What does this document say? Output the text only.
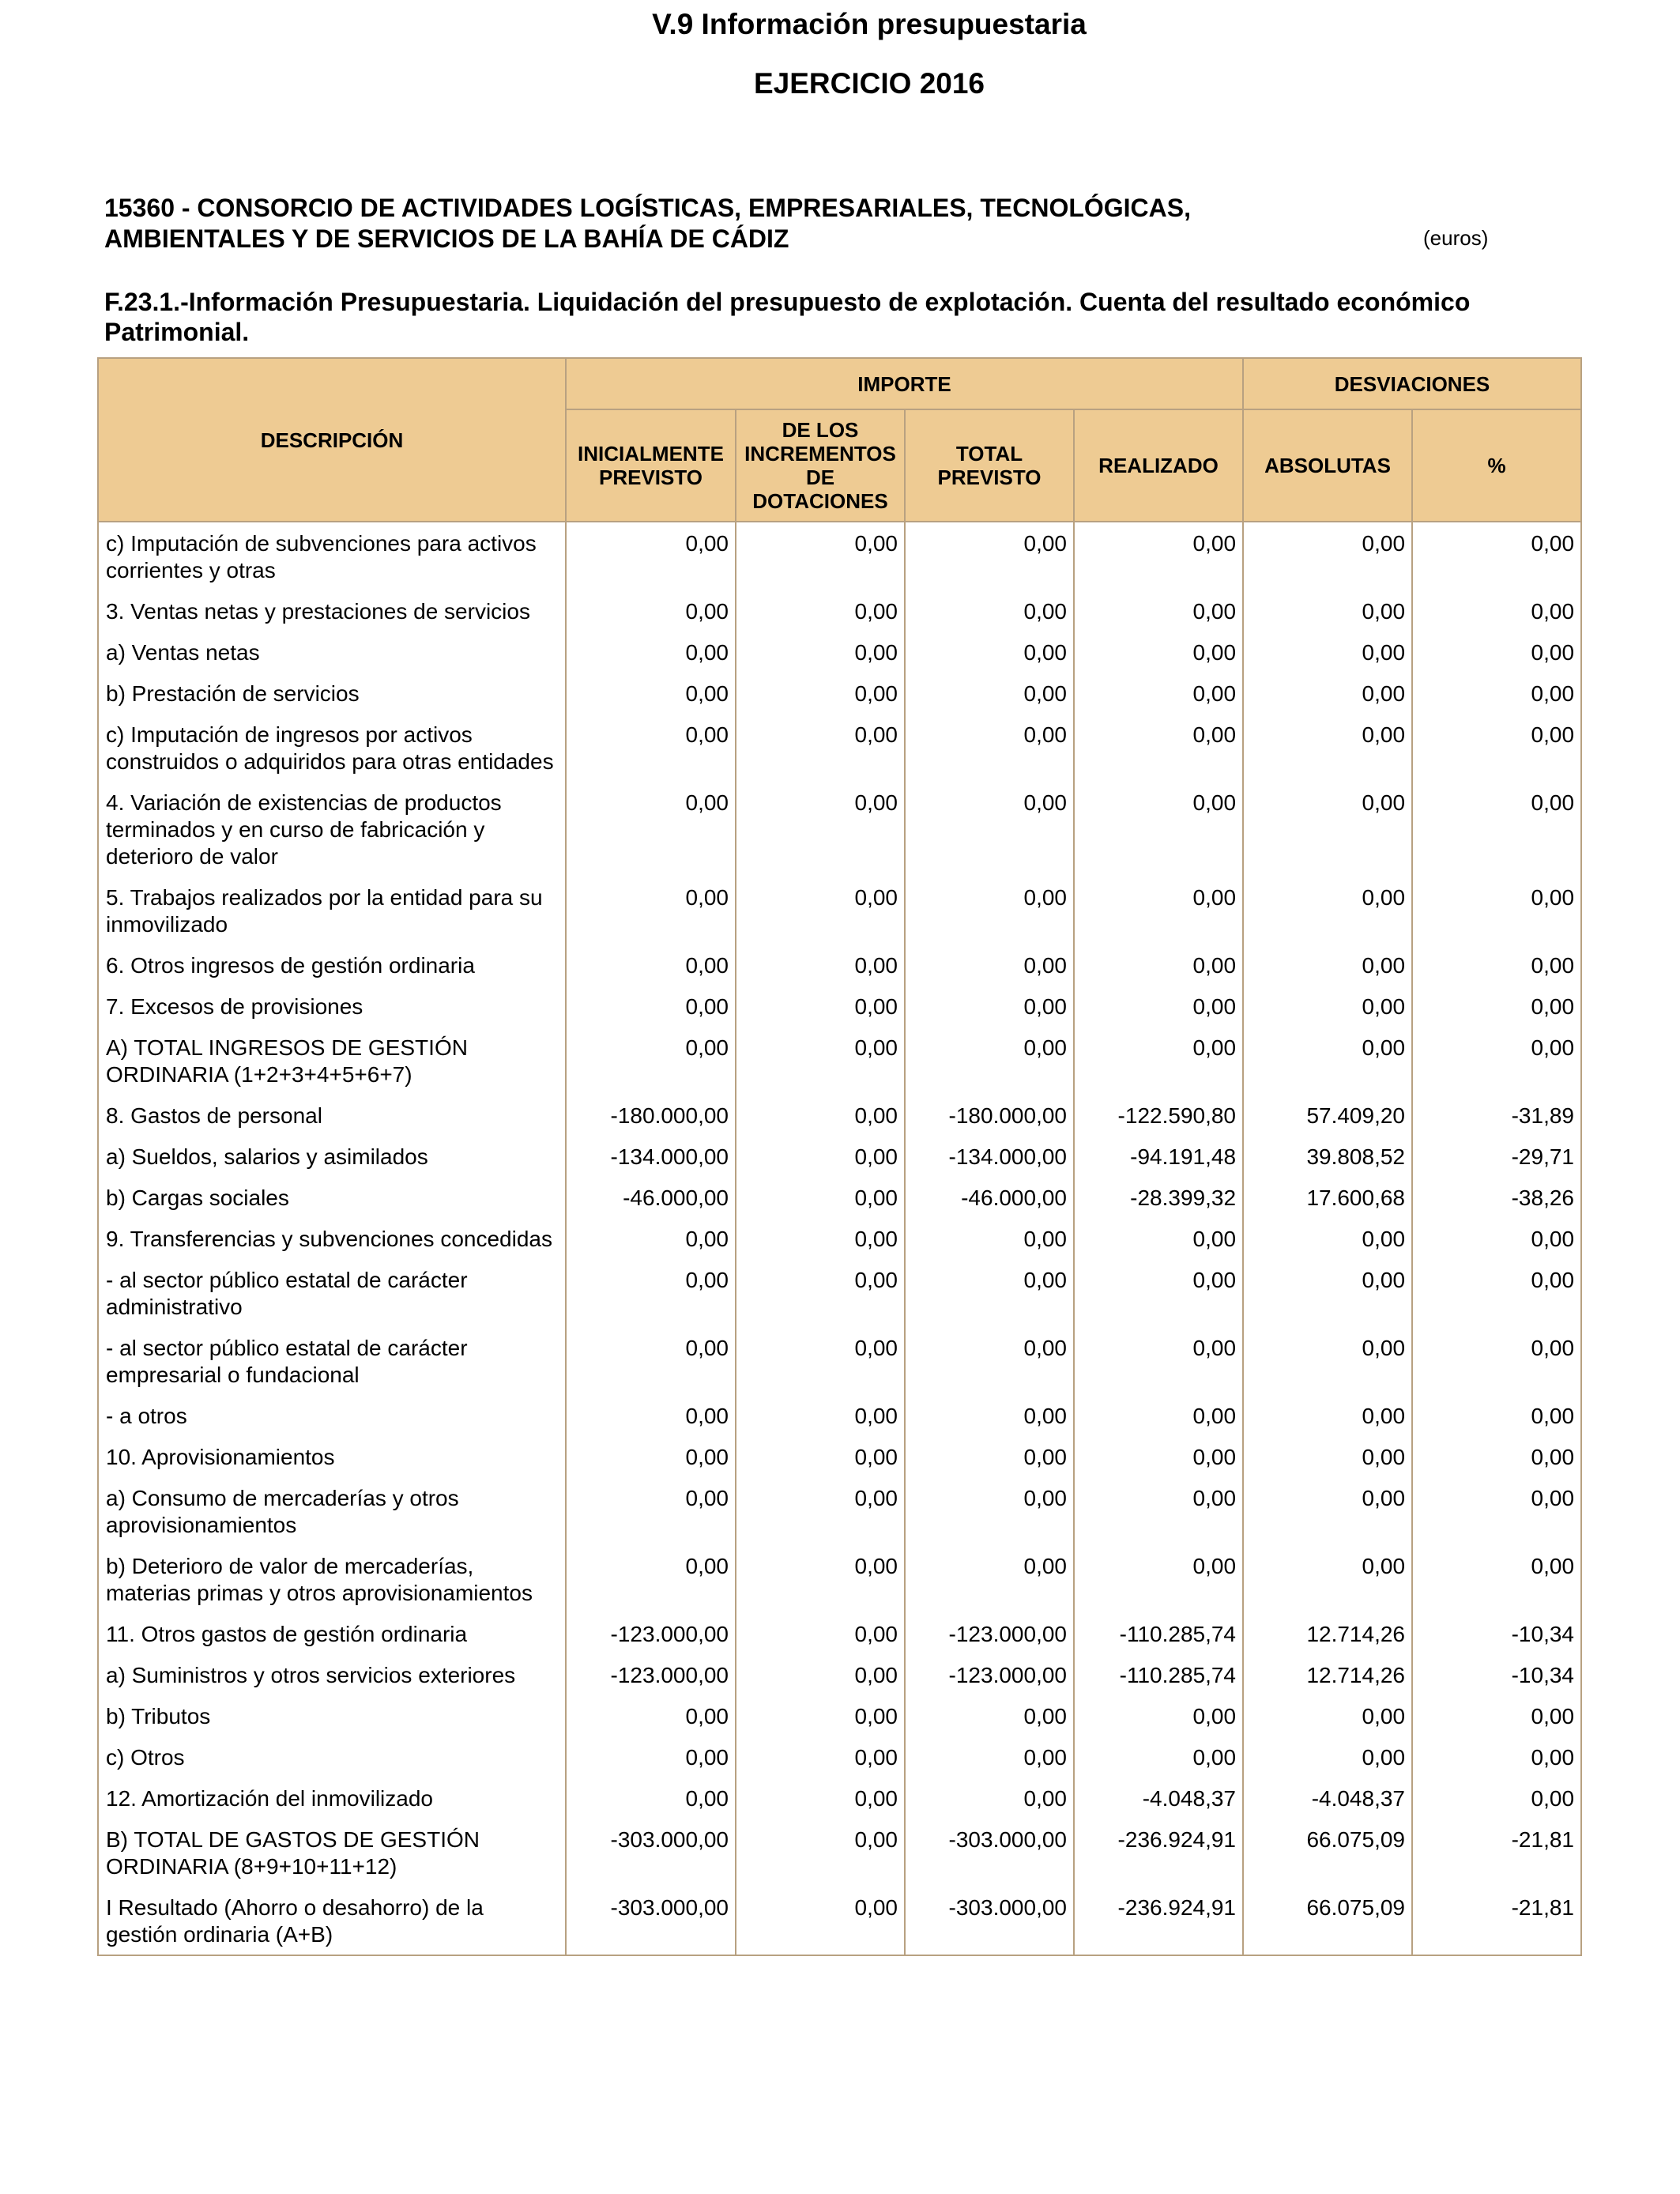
V.9 Información presupuestaria
EJERCICIO 2016
15360 - CONSORCIO DE ACTIVIDADES LOGÍSTICAS, EMPRESARIALES, TECNOLÓGICAS,
AMBIENTALES Y DE SERVICIOS DE LA BAHÍA DE CÁDIZ	(euros)
F.23.1.-Información Presupuestaria. Liquidación del presupuesto de explotación. Cuenta del resultado económico Patrimonial.
DESCRIPCIÓN	IMPORTE				DESVIACIONES	
	INICIALMENTE PREVISTO	DE LOS INCREMENTOS DE DOTACIONES	TOTAL PREVISTO	REALIZADO	ABSOLUTAS	%
c) Imputación de subvenciones para activos corrientes y otras	0,00	0,00	0,00	0,00	0,00	0,00
3. Ventas netas y prestaciones de servicios	0,00	0,00	0,00	0,00	0,00	0,00
a) Ventas netas	0,00	0,00	0,00	0,00	0,00	0,00
b) Prestación de servicios	0,00	0,00	0,00	0,00	0,00	0,00
c) Imputación de ingresos por activos construidos o adquiridos para otras entidades	0,00	0,00	0,00	0,00	0,00	0,00
4. Variación de existencias de productos terminados y en curso de fabricación y deterioro de valor	0,00	0,00	0,00	0,00	0,00	0,00
5. Trabajos realizados por la entidad para su inmovilizado	0,00	0,00	0,00	0,00	0,00	0,00
6. Otros ingresos de gestión ordinaria	0,00	0,00	0,00	0,00	0,00	0,00
7. Excesos de provisiones	0,00	0,00	0,00	0,00	0,00	0,00
A) TOTAL INGRESOS DE GESTIÓN ORDINARIA (1+2+3+4+5+6+7)	0,00	0,00	0,00	0,00	0,00	0,00
8. Gastos de personal	-180.000,00	0,00	-180.000,00	-122.590,80	57.409,20	-31,89
a) Sueldos, salarios y asimilados	-134.000,00	0,00	-134.000,00	-94.191,48	39.808,52	-29,71
b) Cargas sociales	-46.000,00	0,00	-46.000,00	-28.399,32	17.600,68	-38,26
9. Transferencias y subvenciones concedidas	0,00	0,00	0,00	0,00	0,00	0,00
- al sector público estatal de carácter administrativo	0,00	0,00	0,00	0,00	0,00	0,00
- al sector público estatal de carácter empresarial o fundacional	0,00	0,00	0,00	0,00	0,00	0,00
- a otros	0,00	0,00	0,00	0,00	0,00	0,00
10. Aprovisionamientos	0,00	0,00	0,00	0,00	0,00	0,00
a) Consumo de mercaderías y otros aprovisionamientos	0,00	0,00	0,00	0,00	0,00	0,00
b) Deterioro de valor de mercaderías, materias primas y otros aprovisionamientos	0,00	0,00	0,00	0,00	0,00	0,00
11. Otros gastos de gestión ordinaria	-123.000,00	0,00	-123.000,00	-110.285,74	12.714,26	-10,34
a) Suministros y otros servicios exteriores	-123.000,00	0,00	-123.000,00	-110.285,74	12.714,26	-10,34
b) Tributos	0,00	0,00	0,00	0,00	0,00	0,00
c) Otros	0,00	0,00	0,00	0,00	0,00	0,00
12. Amortización del inmovilizado	0,00	0,00	0,00	-4.048,37	-4.048,37	0,00
B) TOTAL DE GASTOS DE GESTIÓN ORDINARIA (8+9+10+11+12)	-303.000,00	0,00	-303.000,00	-236.924,91	66.075,09	-21,81
I Resultado (Ahorro o desahorro) de la gestión ordinaria (A+B)	-303.000,00	0,00	-303.000,00	-236.924,91	66.075,09	-21,81
